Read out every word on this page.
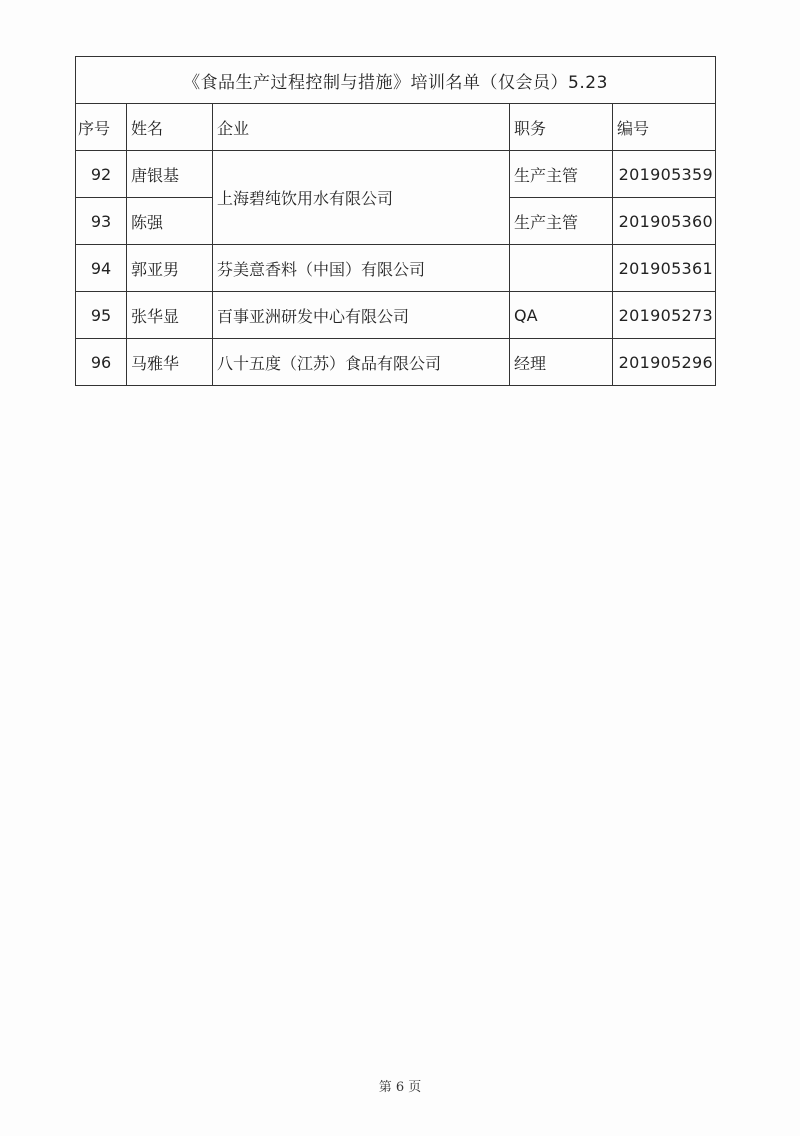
《食品生产过程控制与措施》培训名单（仅会员）5.23				
序号	姓名	企业	职务	编号
92	唐银基	上海碧纯饮用水有限公司	生产主管	201905359
93	陈强		生产主管	201905360
94	郭亚男	芬美意香料（中国）有限公司		201905361
95	张华显	百事亚洲研发中心有限公司	QA	201905273
96	马雅华	八十五度（江苏）食品有限公司	经理	201905296
第 6 页
